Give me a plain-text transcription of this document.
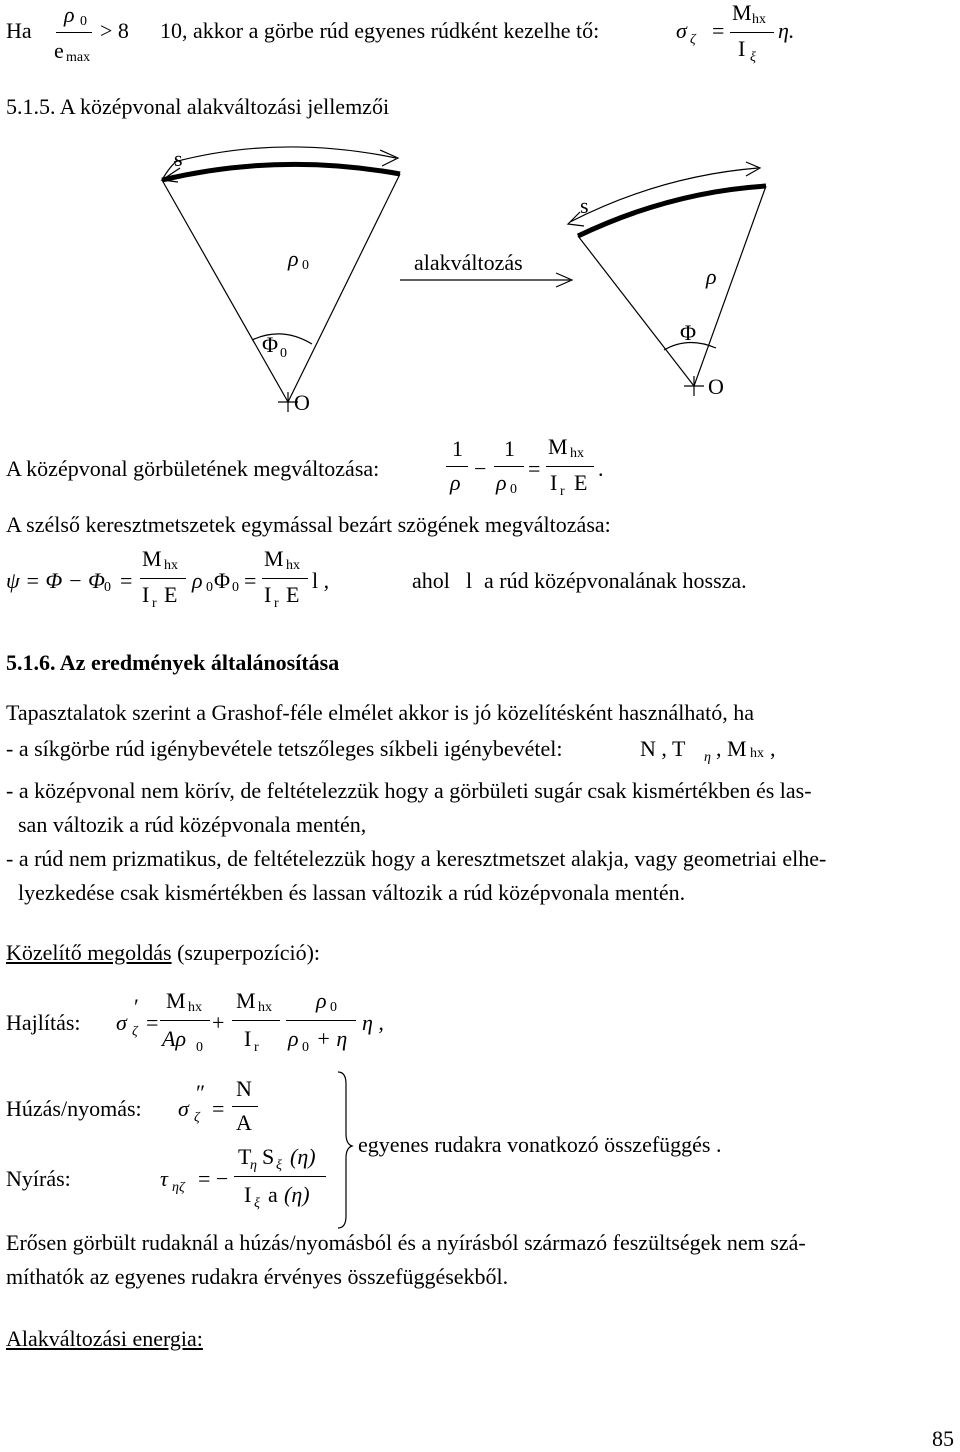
Ha
ρ 0
e max
> 8 10, akkor a görbe rúd egyenes rúdként kezelhe tő:	σ ζ =
M hx
I ξ
η.
5.1.5. A középvonal alakváltozási jellemzői
s
s
ρ 0	alakváltozás
ρ
Φ 0
Φ
O
O
A középvonal görbületének megváltozása:
1
ρ
−
1
ρ 0
=
M hx
I r E
.
A szélső keresztmetszetek egymással bezárt szögének megváltozása:
ψ = Φ − Φ 0 =
M hx
I r E
ρ 0 Φ 0 =
M hx
I r E
l ,	ahol l a rúd középvonalának hossza.
5.1.6. Az eredmények általánosítása
Tapasztalatok szerint a Grashof-féle elmélet akkor is jó közelítésként használható, ha
- a síkgörbe rúd igénybevétele tetszőleges síkbeli igénybevétel:	N , T η , M hx ,
- a középvonal nem körív, de feltételezzük hogy a görbületi sugár csak kismértékben és las-
san változik a rúd középvonala mentén,
- a rúd nem prizmatikus, de feltételezzük hogy a keresztmetszet alakja, vagy geometriai elhe-
lyezkedése csak kismértékben és lassan változik a rúd középvonala mentén.
Közelítő megoldás (szuperpozíció):
Hajlítás: σ
′
ζ =
M hx
Aρ 0
+
M hx
I r
ρ 0
ρ 0 + η
η ,
Húzás/nyomás: σ
″
ζ =
N
A
Nyírás:	τ ηζ = −
T
η S ξ (η)
I ξ a (η)
egyenes rudakra vonatkozó összefüggés .
Erősen görbült rudaknál a húzás/nyomásból és a nyírásból származó feszültségek nem szá-
míthatók az egyenes rudakra érvényes összefüggésekből.
Alakváltozási energia:
85
